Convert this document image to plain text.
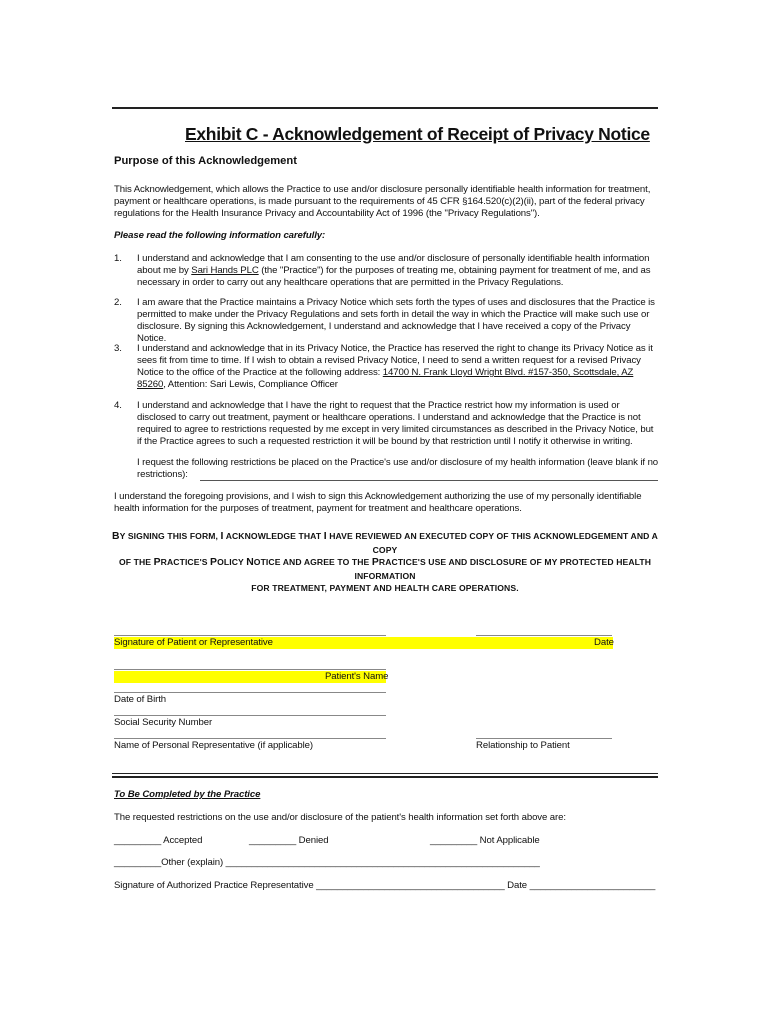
Exhibit C - Acknowledgement of Receipt of Privacy Notice
Purpose of this Acknowledgement
This Acknowledgement, which allows the Practice to use and/or disclosure personally identifiable health information for treatment, payment or healthcare operations, is made pursuant to the requirements of 45 CFR §164.520(c)(2)(ii), part of the federal privacy regulations for the Health Insurance Privacy and Accountability Act of 1996 (the "Privacy Regulations").
Please read the following information carefully:
1. I understand and acknowledge that I am consenting to the use and/or disclosure of personally identifiable health information about me by Sari Hands PLC (the "Practice") for the purposes of treating me, obtaining payment for treatment of me, and as necessary in order to carry out any healthcare operations that are permitted in the Privacy Regulations.
2. I am aware that the Practice maintains a Privacy Notice which sets forth the types of uses and disclosures that the Practice is permitted to make under the Privacy Regulations and sets forth in detail the way in which the Practice will make such use or disclosure. By signing this Acknowledgement, I understand and acknowledge that I have received a copy of the Privacy Notice.
3. I understand and acknowledge that in its Privacy Notice, the Practice has reserved the right to change its Privacy Notice as it sees fit from time to time. If I wish to obtain a revised Privacy Notice, I need to send a written request for a revised Privacy Notice to the office of the Practice at the following address: 14700 N. Frank Lloyd Wright Blvd. #157-350, Scottsdale, AZ 85260, Attention: Sari Lewis, Compliance Officer
4. I understand and acknowledge that I have the right to request that the Practice restrict how my information is used or disclosed to carry out treatment, payment or healthcare operations. I understand and acknowledge that the Practice is not required to agree to restrictions requested by me except in very limited circumstances as described in the Privacy Notice, but if the Practice agrees to such a requested restriction it will be bound by that restriction until I notify it otherwise in writing.
I request the following restrictions be placed on the Practice's use and/or disclosure of my health information (leave blank if no
restrictions):
I understand the foregoing provisions, and I wish to sign this Acknowledgement authorizing the use of my personally identifiable health information for the purposes of treatment, payment for treatment and healthcare operations.
BY SIGNING THIS FORM, I ACKNOWLEDGE THAT I HAVE REVIEWED AN EXECUTED COPY OF THIS ACKNOWLEDGEMENT AND A
COPY
OF THE PRACTICE'S POLICY NOTICE AND AGREE TO THE PRACTICE'S USE AND DISCLOSURE OF MY PROTECTED HEALTH
INFORMATION
FOR TREATMENT, PAYMENT AND HEALTH CARE OPERATIONS.
Signature of Patient or Representative	Date
Patient's Name
Date of Birth
Social Security Number
Name of Personal Representative (if applicable)	Relationship to Patient
To Be Completed by the Practice
The requested restrictions on the use and/or disclosure of the patient's health information set forth above are:
_________ Accepted	_________ Denied	_________ Not Applicable
_________Other (explain) ____________________________________________________________
Signature of Authorized Practice Representative ____________________________________ Date ________________________
